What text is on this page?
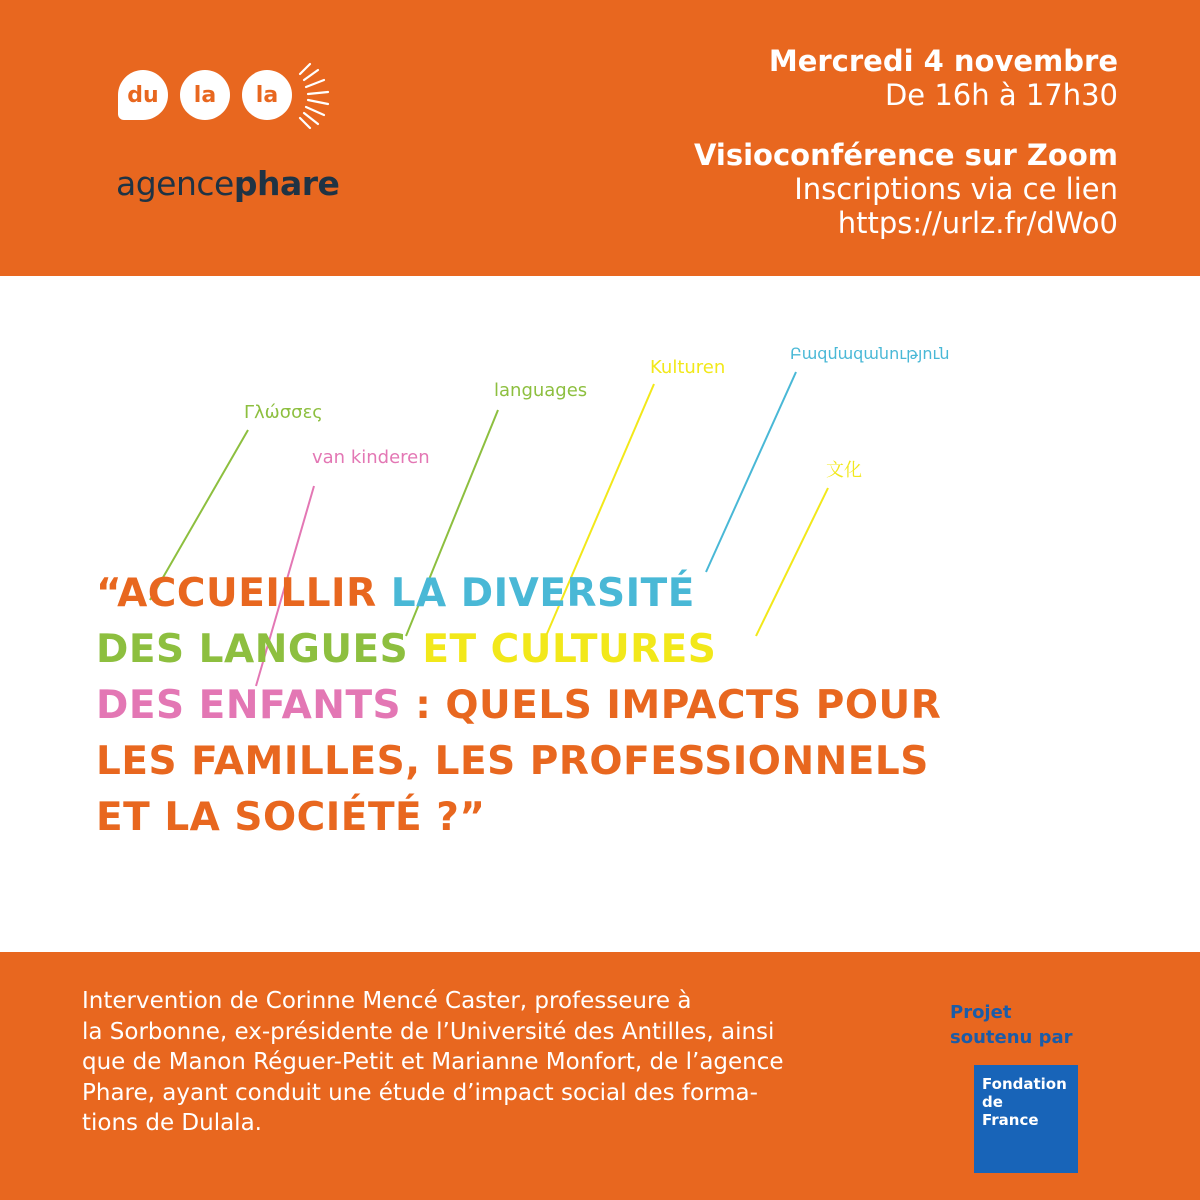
du	la	la
agencephare
Mercredi 4 novembre
De 16h à 17h30
Visioconférence sur Zoom
Inscriptions via ce lien
https://urlz.fr/dWo0
Γλώσσες
van kinderen
languages
Kulturen
Բազմազանություն
文化
“ACCUEILLIR LA DIVERSITÉ
DES LANGUES ET CULTURES
DES ENFANTS : QUELS IMPACTS POUR
LES FAMILLES, LES PROFESSIONNELS
ET LA SOCIÉTÉ ?”
Intervention de Corinne Mencé Caster, professeure à
la Sorbonne, ex-présidente de l’Université des Antilles, ainsi
que de Manon Réguer-Petit et Marianne Monfort, de l’agence
Phare, ayant conduit une étude d’impact social des forma-
tions de Dulala.
Projet
soutenu par
Fondation
de
France
